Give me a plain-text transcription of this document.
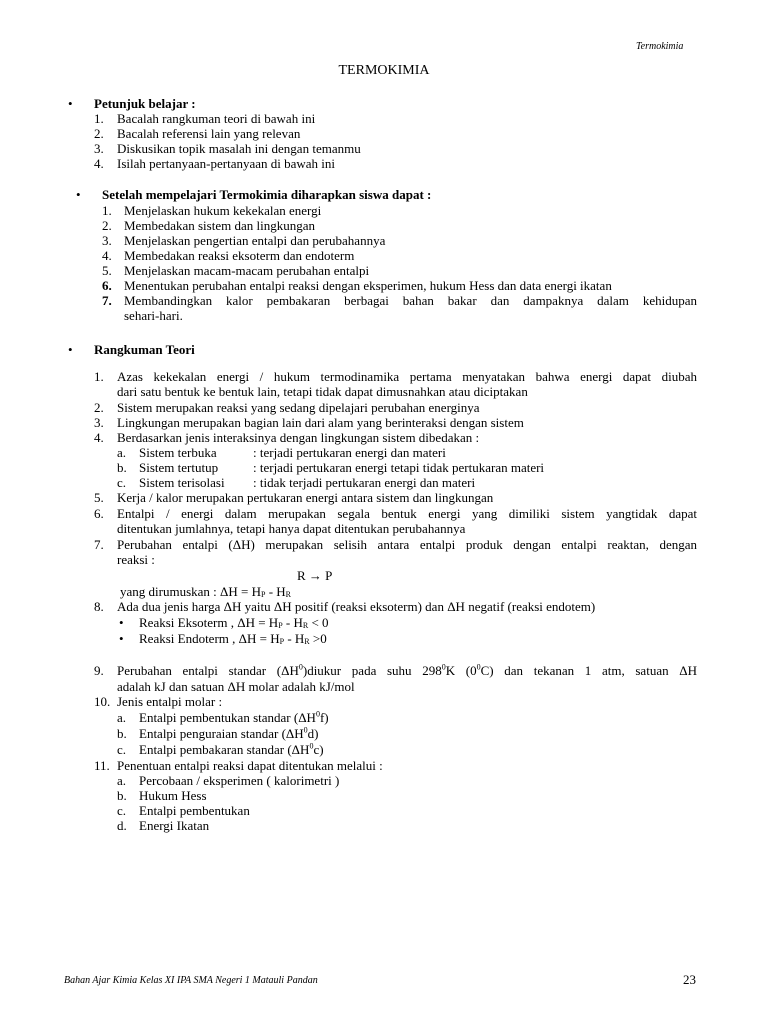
Termokimia
TERMOKIMIA
•
Petunjuk belajar :
1. Bacalah rangkuman teori di bawah ini
2. Bacalah referensi lain yang relevan
3. Diskusikan topik masalah ini dengan temanmu
4. Isilah pertanyaan-pertanyaan di bawah ini
•
Setelah mempelajari Termokimia diharapkan siswa dapat :
1. Menjelaskan hukum kekekalan energi
2. Membedakan sistem dan lingkungan
3. Menjelaskan pengertian entalpi dan perubahannya
4. Membedakan reaksi eksoterm dan endoterm
5. Menjelaskan macam-macam perubahan entalpi
6. Menentukan perubahan entalpi reaksi dengan eksperimen, hukum Hess dan data energi ikatan
7. Membandingkan kalor pembakaran berbagai bahan bakar dan dampaknya dalam kehidupan
sehari-hari.
•
Rangkuman Teori
1. Azas kekekalan energi / hukum termodinamika pertama menyatakan bahwa energi dapat diubah
dari satu bentuk ke bentuk lain, tetapi tidak dapat dimusnahkan atau diciptakan
2. Sistem merupakan reaksi yang sedang dipelajari perubahan energinya
3. Lingkungan merupakan bagian lain dari alam yang berinteraksi dengan sistem
4. Berdasarkan jenis interaksinya dengan lingkungan sistem dibedakan :
a. Sistem terbuka	: terjadi pertukaran energi dan materi
b. Sistem tertutup	: terjadi pertukaran energi tetapi tidak pertukaran materi
c. Sistem terisolasi : tidak terjadi pertukaran energi dan materi
5. Kerja / kalor merupakan pertukaran energi antara sistem dan lingkungan
6. Entalpi / energi dalam merupakan segala bentuk energi yang dimiliki sistem yangtidak dapat
ditentukan jumlahnya, tetapi hanya dapat ditentukan perubahannya
7. Perubahan entalpi (ΔH) merupakan selisih antara entalpi produk dengan entalpi reaktan, dengan
reaksi :
R → P
yang dirumuskan : $\Delta H = H_P - H_R$
8. Ada dua jenis harga ΔH yaitu ΔH positif (reaksi eksoterm) dan ΔH negatif (reaksi endotem)
•
Reaksi Eksoterm , $\Delta H = H_P - H_R < 0$
•
Reaksi Endoterm , $\Delta H = H_P - H_R >0$
9. Perubahan entalpi standar $(\Delta H^0)diukur$ pada suhu $298^0K$ $(0^0C)$ dan tekanan 1 atm, satuan ΔH
adalah kJ dan satuan ΔH molar adalah kJ/mol
10. Jenis entalpi molar :
a. Entalpi pembentukan standar $(\Delta H^0f)$
b. Entalpi penguraian standar $(\Delta H^0d)$
c. Entalpi pembakaran standar $(\Delta H^0c)$
11. Penentuan entalpi reaksi dapat ditentukan melalui :
a. Percobaan / eksperimen ( kalorimetri )
b. Hukum Hess
c. Entalpi pembentukan
d. Energi Ikatan
Bahan Ajar Kimia Kelas XI IPA SMA Negeri 1 Matauli Pandan	23
